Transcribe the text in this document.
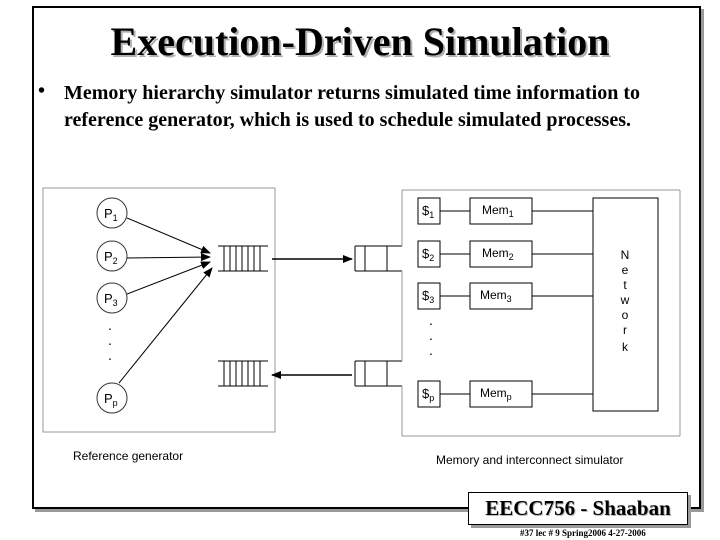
Execution-Driven Simulation
• Memory hierarchy simulator returns simulated time information to reference generator, which is used to schedule simulated processes.
$P_1$
$P_2$
$P_3$
.
.
.
$P_p$
$\$_1$	Mem$_1$
$\$_2$	Mem$_2$
$\$_3$	Mem$_3$
.
.
.
$\$_p$	Mem$_p$
N
e
t
w
o
r
k
Reference generator	Memory and interconnect simulator
EECC756 - Shaaban
#37 lec # 9 Spring2006 4-27-2006
